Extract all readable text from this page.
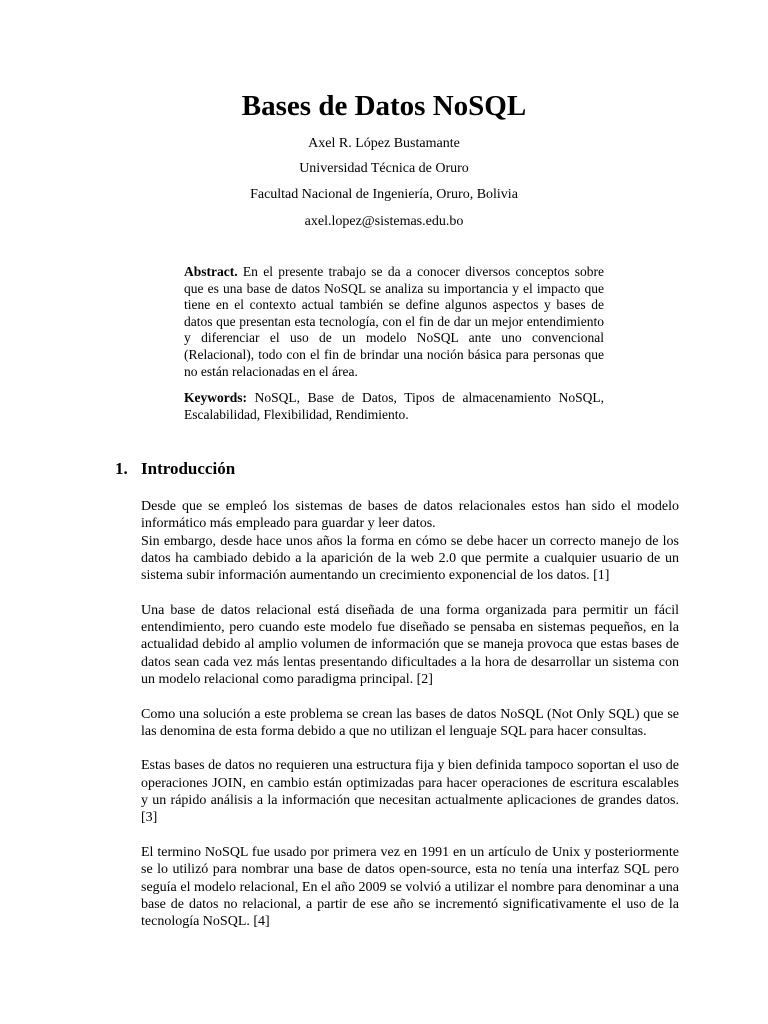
Bases de Datos NoSQL
Axel R. López Bustamante
Universidad Técnica de Oruro
Facultad Nacional de Ingeniería, Oruro, Bolivia
axel.lopez@sistemas.edu.bo

Abstract. En el presente trabajo se da a conocer diversos conceptos sobre que es una base de datos NoSQL se analiza su importancia y el impacto que tiene en el contexto actual también se define algunos aspectos y bases de datos que presentan esta tecnología, con el fin de dar un mejor entendimiento y diferenciar el uso de un modelo NoSQL ante uno convencional (Relacional), todo con el fin de brindar una noción básica para personas que no están relacionadas en el área.

Keywords: NoSQL, Base de Datos, Tipos de almacenamiento NoSQL, Escalabilidad, Flexibilidad, Rendimiento.

1. Introducción

Desde que se empleó los sistemas de bases de datos relacionales estos han sido el modelo informático más empleado para guardar y leer datos.

Sin embargo, desde hace unos años la forma en cómo se debe hacer un correcto manejo de los datos ha cambiado debido a la aparición de la web 2.0 que permite a cualquier usuario de un sistema subir información aumentando un crecimiento exponencial de los datos. [1]

Una base de datos relacional está diseñada de una forma organizada para permitir un fácil entendimiento, pero cuando este modelo fue diseñado se pensaba en sistemas pequeños, en la actualidad debido al amplio volumen de información que se maneja provoca que estas bases de datos sean cada vez más lentas presentando dificultades a la hora de desarrollar un sistema con un modelo relacional como paradigma principal. [2]

Como una solución a este problema se crean las bases de datos NoSQL (Not Only SQL) que se las denomina de esta forma debido a que no utilizan el lenguaje SQL para hacer consultas.

Estas bases de datos no requieren una estructura fija y bien definida tampoco soportan el uso de operaciones JOIN, en cambio están optimizadas para hacer operaciones de escritura escalables y un rápido análisis a la información que necesitan actualmente aplicaciones de grandes datos. [3]

El termino NoSQL fue usado por primera vez en 1991 en un artículo de Unix y posteriormente se lo utilizó para nombrar una base de datos open-source, esta no tenía una interfaz SQL pero seguía el modelo relacional, En el año 2009 se volvió a utilizar el nombre para denominar a una base de datos no relacional, a partir de ese año se incrementó significativamente el uso de la tecnología NoSQL. [4]
